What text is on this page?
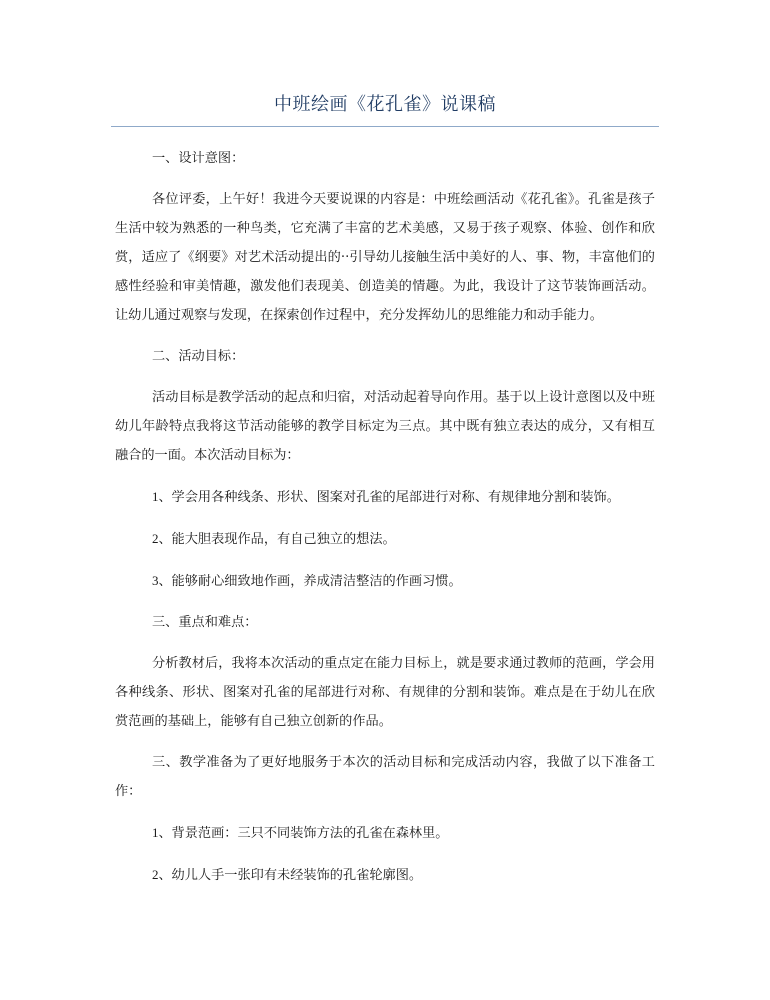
中班绘画《花孔雀》说课稿

一、设计意图：

各位评委，上午好！我进今天要说课的内容是：中班绘画活动《花孔雀》。孔雀是孩子生活中较为熟悉的一种鸟类，它充满了丰富的艺术美感，又易于孩子观察、体验、创作和欣赏，适应了《纲要》对艺术活动提出的··引导幼儿接触生活中美好的人、事、物，丰富他们的感性经验和审美情趣，激发他们表现美、创造美的情趣。为此，我设计了这节装饰画活动。让幼儿通过观察与发现，在探索创作过程中，充分发挥幼儿的思维能力和动手能力。

二、活动目标：

活动目标是教学活动的起点和归宿，对活动起着导向作用。基于以上设计意图以及中班幼儿年龄特点我将这节活动能够的教学目标定为三点。其中既有独立表达的成分，又有相互融合的一面。本次活动目标为：

1、学会用各种线条、形状、图案对孔雀的尾部进行对称、有规律地分割和装饰。

2、能大胆表现作品，有自己独立的想法。

3、能够耐心细致地作画，养成清洁整洁的作画习惯。

三、重点和难点：

分析教材后，我将本次活动的重点定在能力目标上，就是要求通过教师的范画，学会用各种线条、形状、图案对孔雀的尾部进行对称、有规律的分割和装饰。难点是在于幼儿在欣赏范画的基础上，能够有自己独立创新的作品。

三、教学准备为了更好地服务于本次的活动目标和完成活动内容，我做了以下准备工作：

1、背景范画：三只不同装饰方法的孔雀在森林里。

2、幼儿人手一张印有未经装饰的孔雀轮廓图。
